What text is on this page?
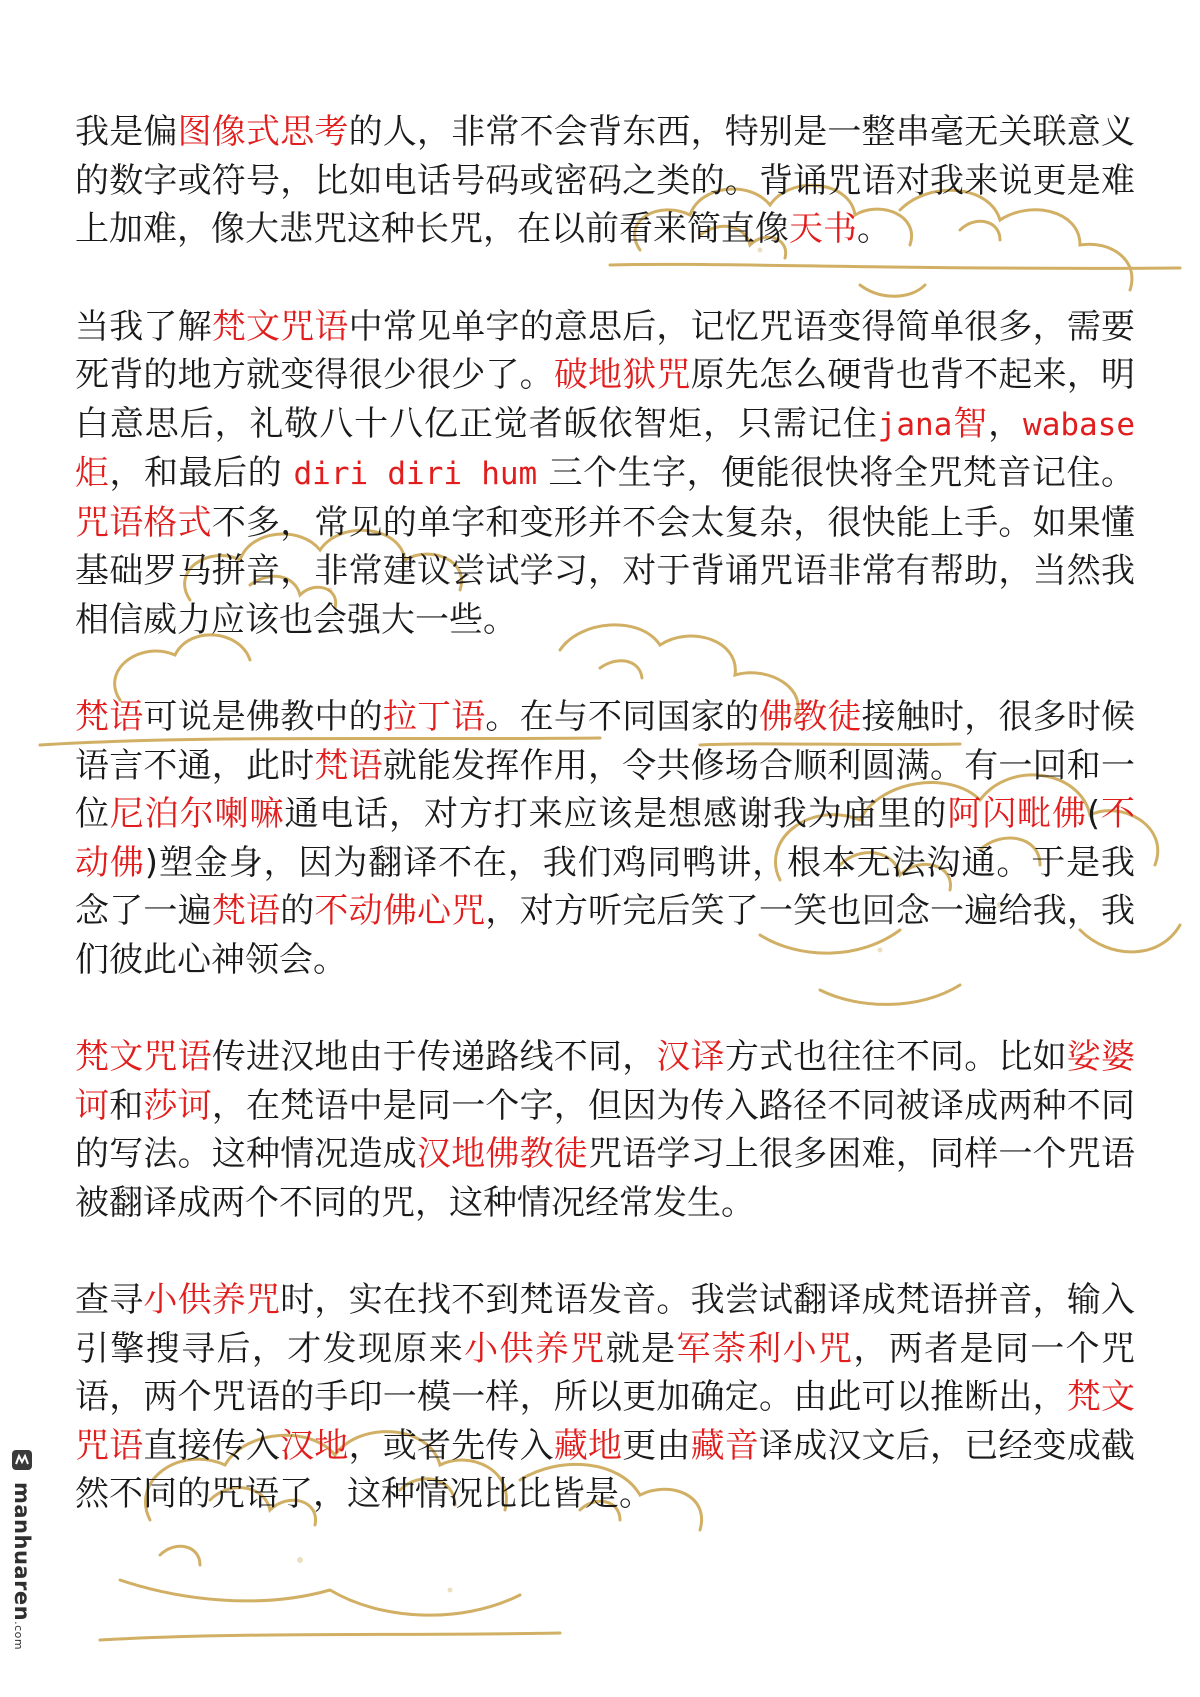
我是偏图像式思考的人，非常不会背东西，特别是一整串毫无关联意义的数字或符号，比如电话号码或密码之类的。背诵咒语对我来说更是难上加难，像大悲咒这种长咒，在以前看来简直像天书。

当我了解梵文咒语中常见单字的意思后，记忆咒语变得简单很多，需要死背的地方就变得很少很少了。破地狱咒原先怎么硬背也背不起来，明白意思后，礼敬八十八亿正觉者皈依智炬，只需记住jana智，wabase炬，和最后的 diri diri hum 三个生字，便能很快将全咒梵音记住。咒语格式不多，常见的单字和变形并不会太复杂，很快能上手。如果懂基础罗马拼音，非常建议尝试学习，对于背诵咒语非常有帮助，当然我相信威力应该也会强大一些。

梵语可说是佛教中的拉丁语。在与不同国家的佛教徒接触时，很多时候语言不通，此时梵语就能发挥作用，令共修场合顺利圆满。有一回和一位尼泊尔喇嘛通电话，对方打来应该是想感谢我为庙里的阿闪毗佛(不动佛)塑金身，因为翻译不在，我们鸡同鸭讲，根本无法沟通。于是我念了一遍梵语的不动佛心咒，对方听完后笑了一笑也回念一遍给我，我们彼此心神领会。

梵文咒语传进汉地由于传递路线不同，汉译方式也往往不同。比如娑婆诃和莎诃，在梵语中是同一个字，但因为传入路径不同被译成两种不同的写法。这种情况造成汉地佛教徒咒语学习上很多困难，同样一个咒语被翻译成两个不同的咒，这种情况经常发生。

查寻小供养咒时，实在找不到梵语发音。我尝试翻译成梵语拼音，输入引擎搜寻后，才发现原来小供养咒就是军荼利小咒，两者是同一个咒语，两个咒语的手印一模一样，所以更加确定。由此可以推断出，梵文咒语直接传入汉地，或者先传入藏地更由藏音译成汉文后，已经变成截然不同的咒语了，这种情况比比皆是。

manhuaren.com
